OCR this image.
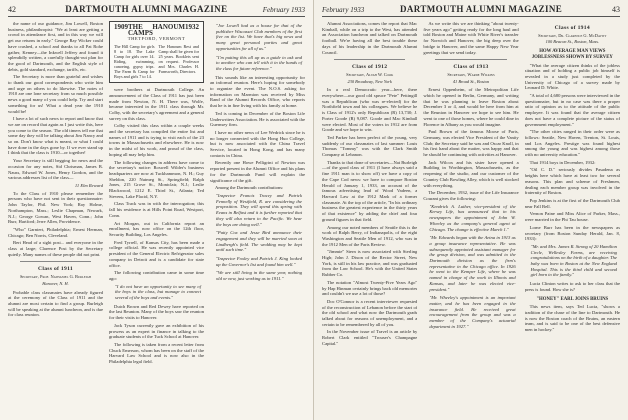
42	DARTMOUTH ALUMNI MAGAZINE	February 1933

the name of our guidance, Jim Lowell, Boston business, philanthropist: "We at least are getting a crowd in attendance first, and in this way we will get our returns in early." George Ray Wicker could have crashed, a school and thanks to all Pat Rohe gather, Kenney—the Inkwell Jeffery and found it splendidly written, a carefully thought-out plan for the good of Dartmouth, and the English style of debts, gold standard, exchange, tariffs, etc.

The Secretary is more than grateful and wishes to thank our good correspondents who write him and urge on others to do likewise. The notes of 1910 are one lone secretary from so much possible news a good many of you could help. Try and start something for us! What a dead year the 1910 would be!

I have a lot of such news to report and know that we are on record that again as I just write this, here you come to the season. The old timers tell me that some day they will be talking about Jim Nancy and so on. Don't know what is meant, or what I could have done in the days gone by. If we ever stand up I think that the class is 1910—or together!

Your Secretary is still begging for news and the occasion for any notes, Sid Chrisman, James B. Nauss, Edward W. Jones, Henry Gordon, and the various addresses list of the class—

11 Elm Reward

To the Class of 1910 please remember the persons who have not sent in their questionnaire: John Taylor, Phil. New York; Ray Holme, Northampton, Mass.; Leslie Chapman, Newark, N.J.; George Gowan, West Haven, Conn.; John Burr, Hartford; Jerre Allen, Providence.

"Who" Garniert, Philadelphia; Ernest Herman, Chicago; Ben Norris, Cleveland.

Bert Head of a sight post... and everyone in the class at large; Clarence Post by the Secretary quietly. Many names of these people did not print.

Class of 1911

Secretary, Prof. Nathaniel G. Burleigh

Hanover, N. H.

Probable class classmates have already figured at the ceremony of the Class of 1911 and the alumni are most certain to find a group. Burleigh will be speaking at the alumni luncheon, and is due for class reunion.

1909 THE HANOUM CAMPS
1932
THETFORD, VERMONT
The Hill Camp for girls 8 to 18. The Lake Camp for girls over 14. Riding, swimming, canoeing, gypsy trips. The Farm & Camp for Boys and girls 7 to 14.
The Hanoum Rest and Camp shall be given for 25 years. Booklets sent on request. Professor and Mrs. Charles H. Farnsworth, Directors.

were brothers at Dartmouth College. An announcement of the Class of 1911 has just been made from Newton, N. H. There was, Wolfe, became interested in the 1911 class through Mr. Colby, with the secretary's agreement and a general survey on this class.

Colby visited this class within a couple weeks and the secretary has compiled the entire list and names of 1911 and is trying to visit each of the 23 towns in Massachusetts and elsewhere. He is now in the midst of his work, and proud of the class, hoping all may help him.

The following changes in address have come to the secretary's notice: Roswell Wilder's business headquarters are now at Tuckhammon, N. H.; Guy Sheldon, 220 Nutmeg St., Springfield; Ralph Jones, 215 Grove St., Montclair, N.J.; Leslie Blackwood, 1212 E. Third St., Atlanta; Ted Stevens, Lake Placid, N.Y.

Class Track was in with the interrogation; this fall his residence is at Hills Point Road, Westport, Conn.

Art Morgan, out in California report an enrollment, has now office on the 12th floor, Security Building, Los Angeles.

Fred Tyrrell, of Kansas City, has been made a college official. He was recently appointed vice president of the General Electric Refrigerator sales company in Detroit and is a candidate for state office.

The following contribution came in some time ago:

"I do not have an opportunity to see many of the boys in the class, but manage to connect several of the boys and events."

Dutch Brown and Red Dewey have reported on the last Reunion. Many of the boys saw the reunion for their visits to Hanover.

Jack Tyson currently gave an exhibition of his prowess as an expert in finance in talking to the graduate students of the Tuck School at Hanover.

The following is taken from a recent letter from Chuck Emerson, whom has been on the staff of the Harvard Law School and is now also in the Philadelphia legal field.

"Joe Lowell had as a house for that of the publisher Wiscasset Club members of the first five on the list. We have that's big news and many great personal parties and great opportunities for all of us."

"I'm putting this all up as a guide to ask and to another who can tell with it in the hands of the class for future reference."

This sounds like an interesting opportunity for an informal reunion. Here's hoping for somebody to organize the event. The N.O.S. asking for information on Marmion was received by Miss Rand of the Alumni Records Office, who reports that he is in fine living with his family at home.

Ted is coming in December of the Boston Life Underwriters Association. He is associated with the Guernsey firm.

I have no other news of Lee Wedrick since he is no longer connected with the Hong Huo College, but is now associated with the China Travel Service, located in Hong Kong, and has many contacts in China.

Recently one Howe Pelligrini of Newton was reported present in the Alumni Office and his plans for the Dartmouth Fund will explain the significance of the gift.

Among the Dartmouth contributions:

"Inspector Francis Tracey and Patrick Fennelly of Westfield, R. are considering the proposition. They will spend this spring with Evans in Belfast and it is further reported that they will also return to the Pacific. We hear the boys are doing well."

"Patty Cox and Jesse Bird announce their engagement and they will be married soon at Lindbergh's field. The wedding may be kept until such time."

"Inspector Foxley and Patrick J. King looked up the Governor's list and found him well."

"We are still living in the same year, nothing old or new, just working as in 1911."

February 1933	DARTMOUTH ALUMNI MAGAZINE	43

Alumni Associations, comes the report that Mac Kimball, while on a trip to the West, has attended an Association luncheon and talked on Dartmouth football. We're having all the best trouble these days of his leadership in the Dartmouth Alumni Council.

Class of 1912

Secretary, Alvah W. Cook

230 Broadway, New York

In a real Democratic year—here, there everywhere—our good old spruce "Pete" Pettingill was a Republican (who was re-elected) for the Northfield town and his colleagues. We believe he is Class of 1912's only Republican (R) 13,730; J. Porter Goode (R) 9,087. Goode and Mac Kimball were elected. Most of the voters in 1912 are from Goode and we hope to win.

Ted Parker has been perfect of the young, very suddenly of our classmates of last summer: Louis Thomas "Tommy" was with the Clark Smith Company at Lebanon.

Thanks to that done of secretaries—Nat Burleigh—of the good class of 1911 (I have always said a fine 1911 man is to show off) we have a copy of the Cape Cod news: we have to compare Boston Herald of January 1, 1933, an account of the famous advertising lead of Wood Vadeen, a Harvard Law at the 1912 Mark of a former classmate. At the top of the article, "In his ordinary business the greatest experience in the thirty years of that existence" by adding the chief and four ground figures in that field.

Among our noted members of Seattle this is the work of Ralph Berry, of Indianapolis, of the eight Washington and Seattle Men of 1912, who was in the 1912 Men of the Paris Review.

"Jimmie" Stern is now associated with Sterling High; John J. Dixon of the Rector Street, New York, is still in his law practice, and was graduated from the Law School. He's with the United States Rubber Co.

The notation "Almost Twenty-Five Years Ago" by Hap Hinman certainly brings back old memories and couldn't we use a lot of those?

Doc O'Connor is a recent interviewer requested of the reconstruction of Lebanon before the start of the old school and what now the Dartmouth grads talked about for reasons of unemployment, and a certain to be remembered by all of you.

In the November issue of Travel is an article by Robert Clark entitled "Trouser's Champagne Capital."

As we write this we are thinking "about twenty-five years ago" getting ready for the long haul and told Boston and Maine with White River's transfer for Norwich and Hanover, the big deep over the bridge to Hanover, and the same Happy New Year greetings that we send today.

Class of 1913

Secretary, Warde Wilkins

41 Broad St., Boston

Ernest Oppenheim, of the Metropolitan Life which he opened in Berlin, Germany, and writing that he was planning to leave Boston about December 3 or 4, and would be here from him at the Reunion in Hanover we hope to see him. He went to one of those homes, where he could dine in Florence in Albany as you would imagine.

Paul Brown of the famous Moose of Paris, Germany, was elected Vice President of the Vanity Club; the Secretary said he was and Oscar Knoll, in his first hand about the matter, was happy and that he should be continuing with activities at Hanover.

Jack Wilcox and his sister have opened a Building in Worthington, Massachusetts, as the reopening of the studio, and our customer of the Country Club Bowling Alley, which is well stocked with everything.

The December, 1932, issue of the Life Insurance Courant gives the following:

"Kendrick A. Luther, vice-president of the Kersey Life, has announced that in his newspapers the appointment of John W. Wheeley as the company's general agent at Chicago. The change is effective March 1."

"Mr. Edwards began with the Aetna in 1913 as a group insurance representative. He was subsequently appointed assistant manager for the group division, and was admitted to the Dartmouth division as the firm's representative in the Chicago office. In 1926 he went to the Kemper Life, where he was named in charge of the work in Illinois and Kansas, and later he was elected vice-president."

"Mr. Wheeley's appointment is an important matter, and he has been engaged in the insurance field. He received great encouragement from the group and was a member of the Company's actuarial department in 1927."

Class of 1914

Secretary, Dr. Clarence G. McDavitt

100 Beacon St., Boston, Mass.

HOW AVERAGE MAN VIEWS JOBLESSNESS SHOWN BY SURVEY

"What the average citizen thinks of the jobless situation and of holding a public job himself is revealed in a study just completed by the University of Chicago of a survey made by Leonard D. White.

"A total of 4,680 persons were interviewed in the questionnaire, but in no case was there a proper ratio of opinion as to the attitude of the public employee. It was found that the average citizen does not have a complete picture of the status of government employment."

"The other cities ranged in their order were as follows: Seattle, New Haven, Trenton, St. Louis, and Los Angeles. Prestige was found highest among the young and was highest among those with no university education."

That 1914 boys in December, 1932:

"Oil C. D." seriously divides Pasadena as heights here which have at least two for several reasons. This plan and scheme of Freshmen, dealing each member group was involved in the fraternity of Boston.

Pop Jenkins is at the first of the Dartmouth Club near Fall Bell.

Vernon Paine and Miss Alice of Parker, Mass., were married in the Phi Tau house.

Lorne Burr has been in the newspapers as secretary (from Boston Sunday Herald, Jan. 8, 1933):

"Mr. and Mrs. James R. Strong of 20 Hamilton Circle, Wellesley Farms, are receiving congratulations on the birth of a daughter. The baby was born in Boston at the New England Hospital. This is the third child and second girl born to the family."

Lucia Clinton writes to ask to her class that the press is found. How she is?

"HONEY" EARL JOINS BRUINS

This news item, says Ted Lucia, "shows a tradition of the chase of the line to Dartmouth. He is now the Boston coach of the Bruins, an eastern team, and is said to be one of the best defensive men in hockey."
